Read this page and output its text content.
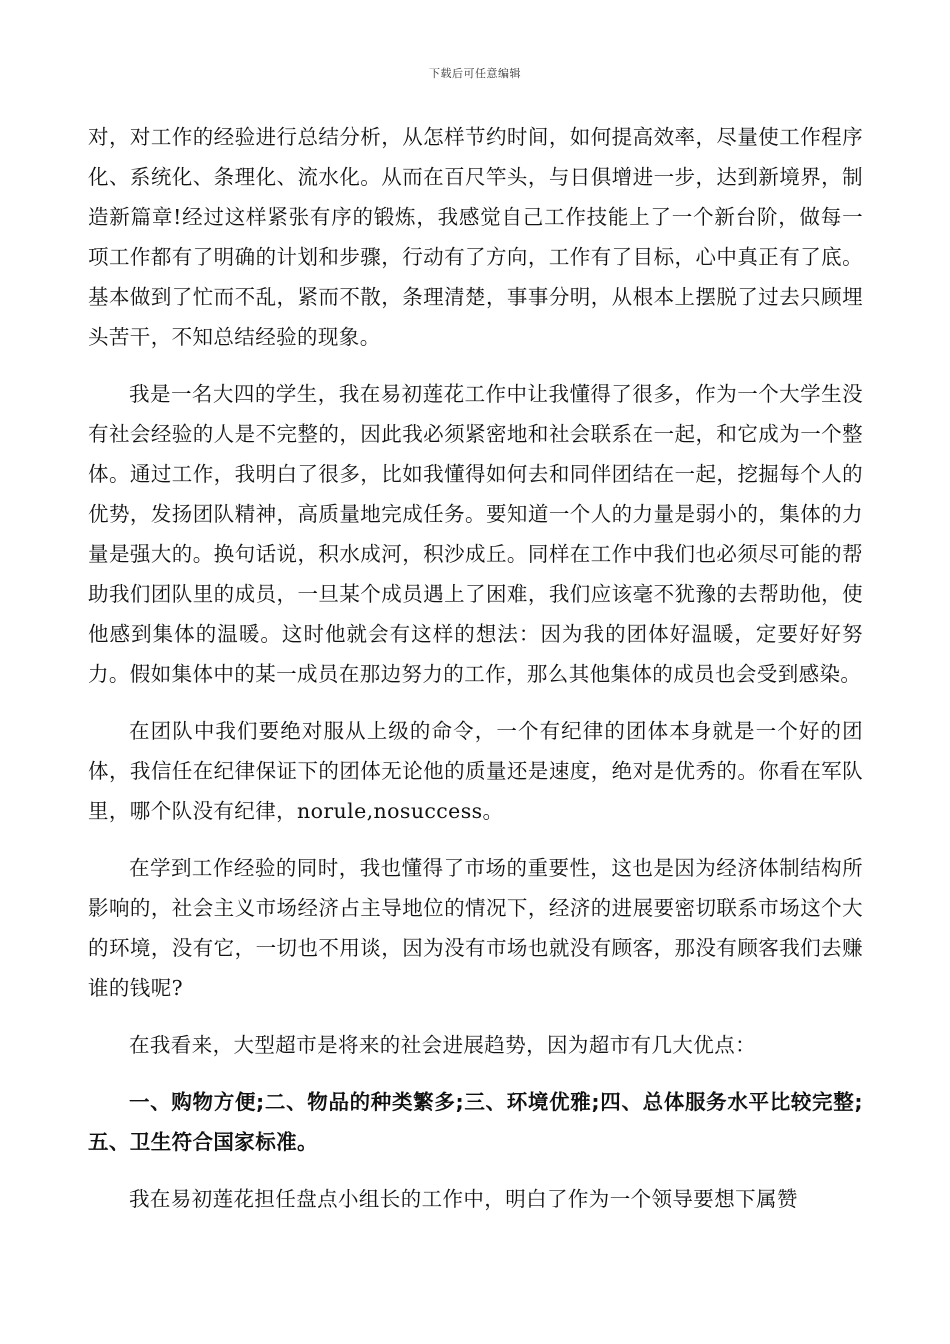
下载后可任意编辑

对，对工作的经验进行总结分析，从怎样节约时间，如何提高效率，尽量使工作程序化、系统化、条理化、流水化。从而在百尺竿头，与日俱增进一步，达到新境界，制造新篇章!经过这样紧张有序的锻炼，我感觉自己工作技能上了一个新台阶，做每一项工作都有了明确的计划和步骤，行动有了方向，工作有了目标，心中真正有了底。基本做到了忙而不乱，紧而不散，条理清楚，事事分明，从根本上摆脱了过去只顾埋头苦干，不知总结经验的现象。

我是一名大四的学生，我在易初莲花工作中让我懂得了很多，作为一个大学生没有社会经验的人是不完整的，因此我必须紧密地和社会联系在一起，和它成为一个整体。通过工作，我明白了很多，比如我懂得如何去和同伴团结在一起，挖掘每个人的优势，发扬团队精神，高质量地完成任务。要知道一个人的力量是弱小的，集体的力量是强大的。换句话说，积水成河，积沙成丘。同样在工作中我们也必须尽可能的帮助我们团队里的成员，一旦某个成员遇上了困难，我们应该毫不犹豫的去帮助他，使他感到集体的温暖。这时他就会有这样的想法：因为我的团体好温暖，定要好好努力。假如集体中的某一成员在那边努力的工作，那么其他集体的成员也会受到感染。

在团队中我们要绝对服从上级的命令，一个有纪律的团体本身就是一个好的团体，我信任在纪律保证下的团体无论他的质量还是速度，绝对是优秀的。你看在军队里，哪个队没有纪律，norule,nosuccess。

在学到工作经验的同时，我也懂得了市场的重要性，这也是因为经济体制结构所影响的，社会主义市场经济占主导地位的情况下，经济的进展要密切联系市场这个大的环境，没有它，一切也不用谈，因为没有市场也就没有顾客，那没有顾客我们去赚谁的钱呢?

在我看来，大型超市是将来的社会进展趋势，因为超市有几大优点：

一、购物方便;二、物品的种类繁多;三、环境优雅;四、总体服务水平比较完整;五、卫生符合国家标准。

我在易初莲花担任盘点小组长的工作中，明白了作为一个领导要想下属赞
